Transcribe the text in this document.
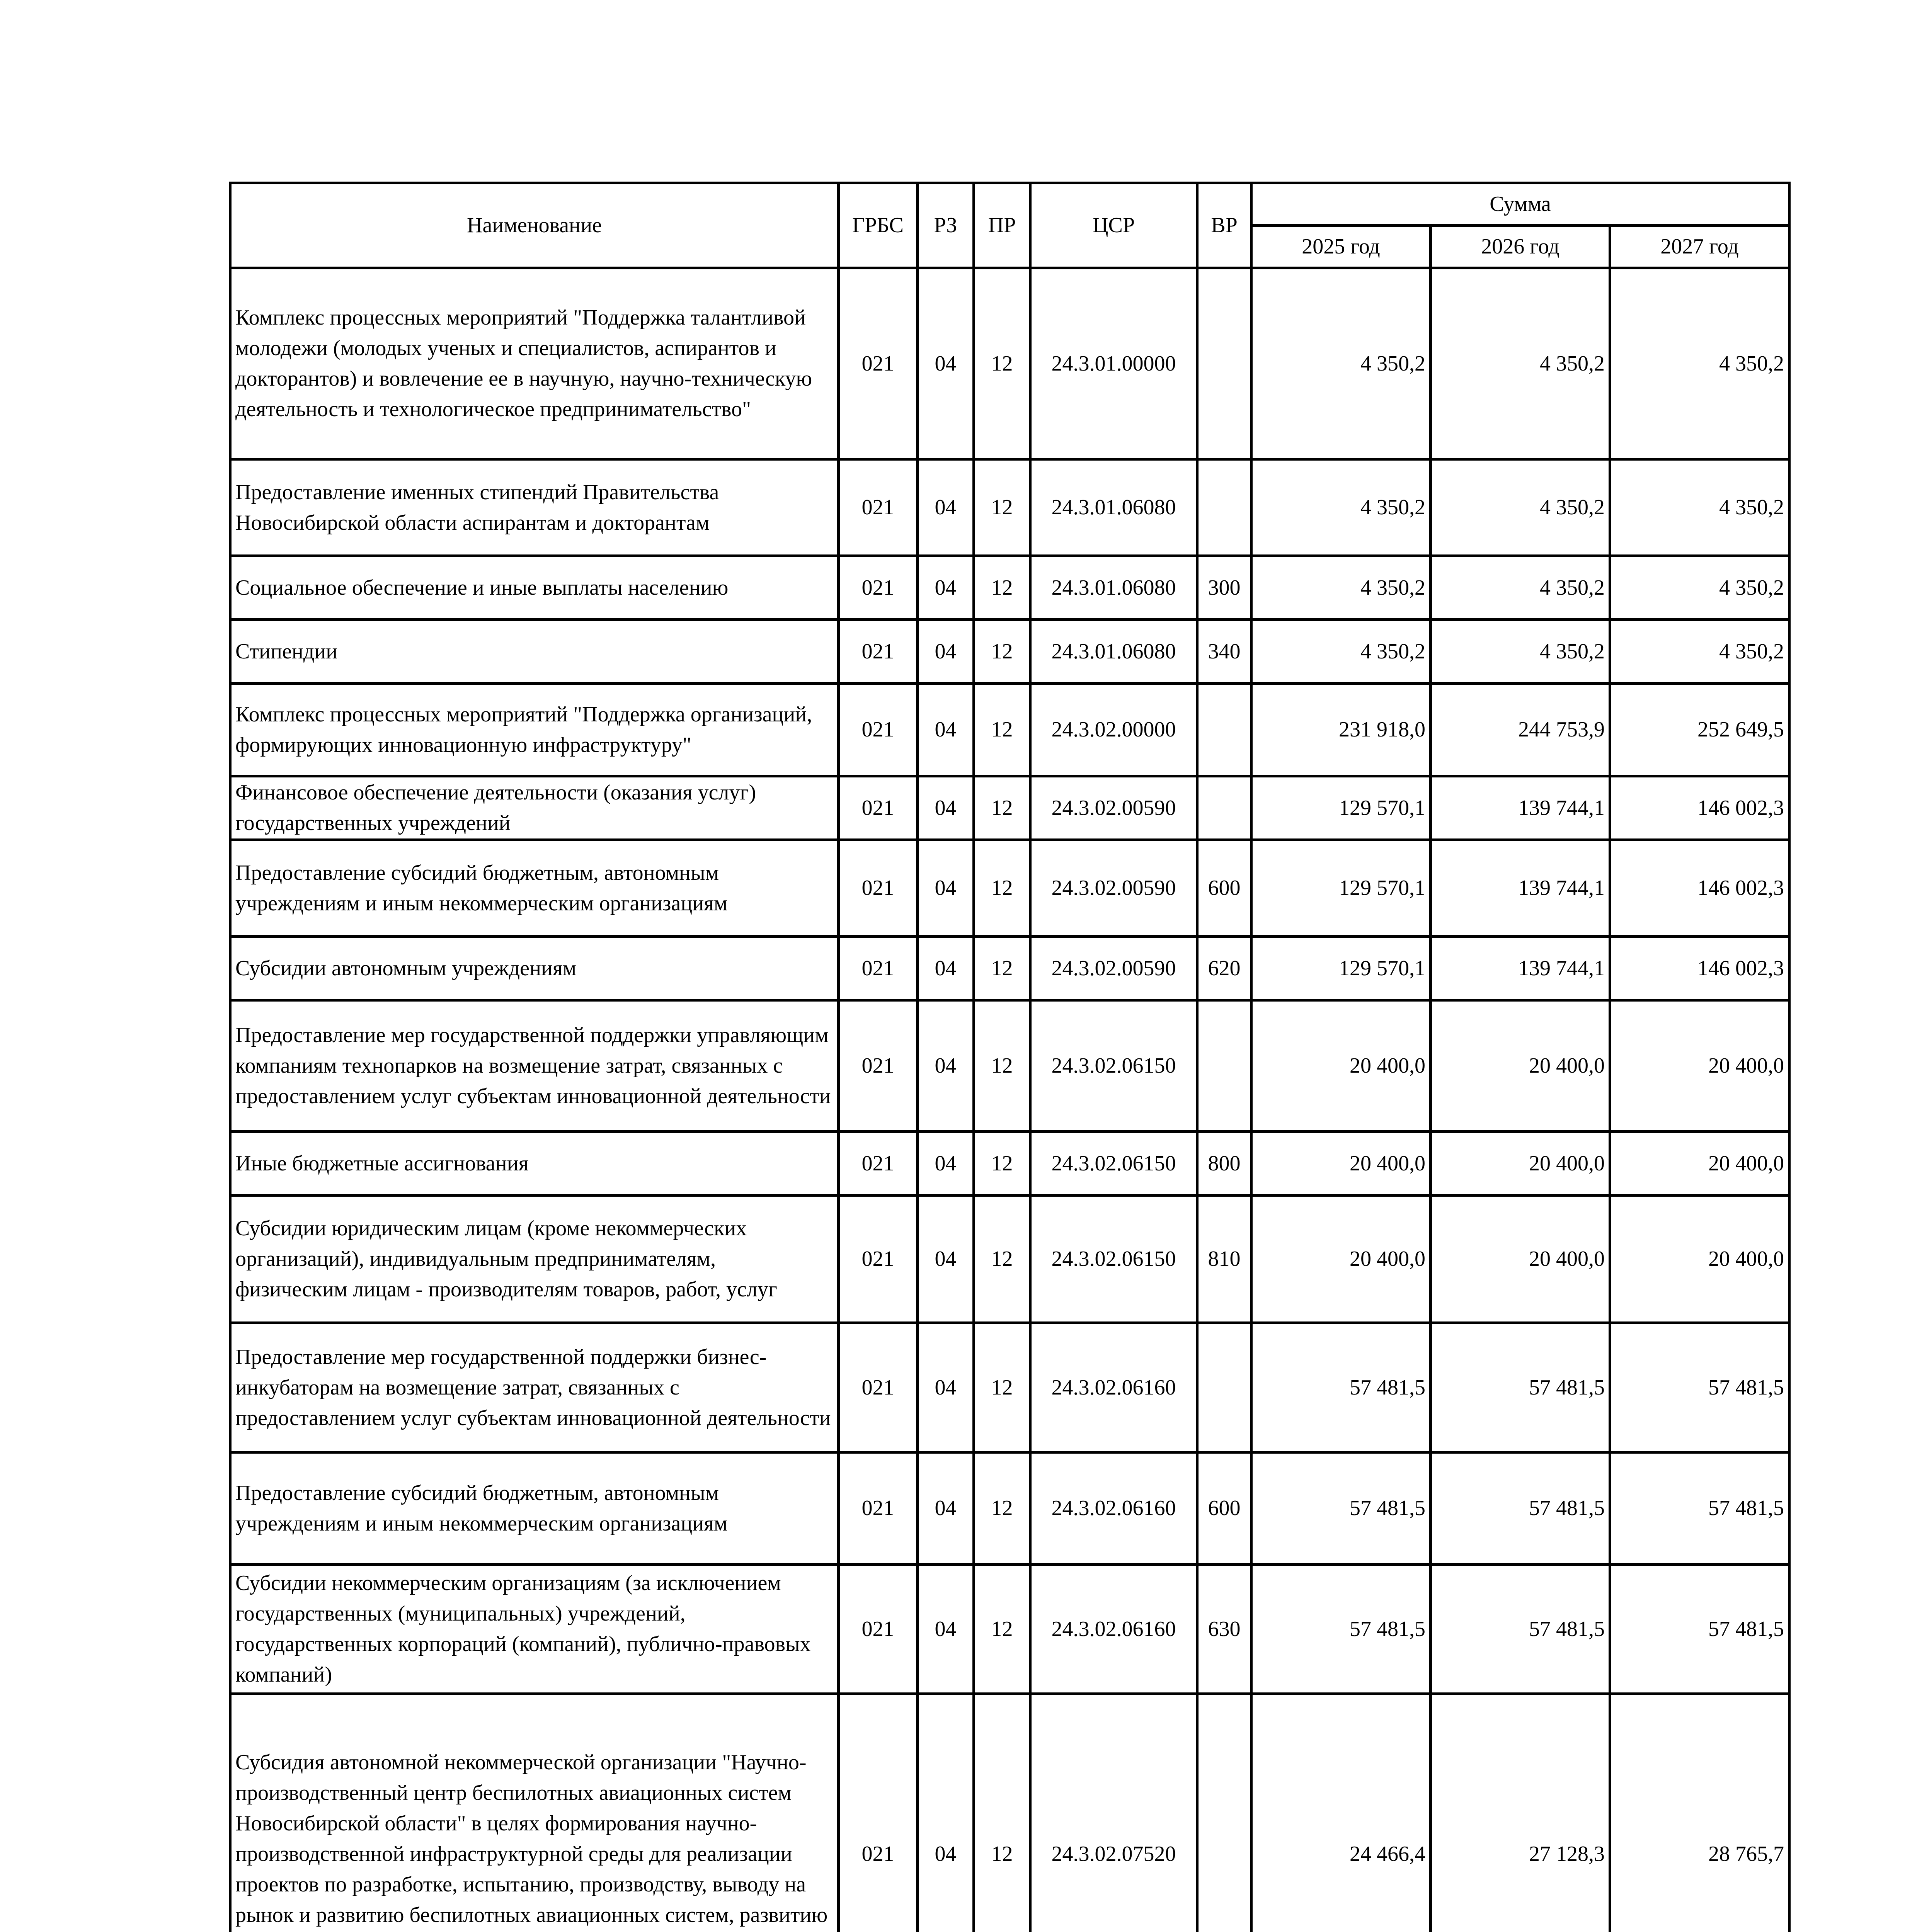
Наименование	ГРБС	РЗ	ПР	ЦСР	ВР	Сумма		
						2025 год	2026 год	2027 год
Комплекс процессных мероприятий "Поддержка талантливой молодежи (молодых ученых и специалистов, аспирантов и докторантов) и вовлечение ее в научную, научно-техническую деятельность и технологическое предпринимательство"	021	04	12	24.3.01.00000		4 350,2	4 350,2	4 350,2
Предоставление именных стипендий Правительства Новосибирской области аспирантам и докторантам	021	04	12	24.3.01.06080		4 350,2	4 350,2	4 350,2
Социальное обеспечение и иные выплаты населению	021	04	12	24.3.01.06080	300	4 350,2	4 350,2	4 350,2
Стипендии	021	04	12	24.3.01.06080	340	4 350,2	4 350,2	4 350,2
Комплекс процессных мероприятий "Поддержка организаций, формирующих инновационную инфраструктуру"	021	04	12	24.3.02.00000		231 918,0	244 753,9	252 649,5
Финансовое обеспечение деятельности (оказания услуг) государственных учреждений	021	04	12	24.3.02.00590		129 570,1	139 744,1	146 002,3
Предоставление субсидий бюджетным, автономным учреждениям и иным некоммерческим организациям	021	04	12	24.3.02.00590	600	129 570,1	139 744,1	146 002,3
Субсидии автономным учреждениям	021	04	12	24.3.02.00590	620	129 570,1	139 744,1	146 002,3
Предоставление мер государственной поддержки управляющим компаниям технопарков на возмещение затрат, связанных с предоставлением услуг субъектам инновационной деятельности	021	04	12	24.3.02.06150		20 400,0	20 400,0	20 400,0
Иные бюджетные ассигнования	021	04	12	24.3.02.06150	800	20 400,0	20 400,0	20 400,0
Субсидии юридическим лицам (кроме некоммерческих организаций), индивидуальным предпринимателям, физическим лицам - производителям товаров, работ, услуг	021	04	12	24.3.02.06150	810	20 400,0	20 400,0	20 400,0
Предоставление мер государственной поддержки бизнес-инкубаторам на возмещение затрат, связанных с предоставлением услуг субъектам инновационной деятельности	021	04	12	24.3.02.06160		57 481,5	57 481,5	57 481,5
Предоставление субсидий бюджетным, автономным учреждениям и иным некоммерческим организациям	021	04	12	24.3.02.06160	600	57 481,5	57 481,5	57 481,5
Субсидии некоммерческим организациям (за исключением государственных (муниципальных) учреждений, государственных корпораций (компаний), публично-правовых компаний)	021	04	12	24.3.02.06160	630	57 481,5	57 481,5	57 481,5
Субсидия автономной некоммерческой организации "Научно-производственный центр беспилотных авиационных систем Новосибирской области" в целях формирования научно-производственной инфраструктурной среды для реализации проектов по разработке, испытанию, производству, выводу на рынок и развитию беспилотных авиационных систем, развитию	021	04	12	24.3.02.07520		24 466,4	27 128,3	28 765,7
